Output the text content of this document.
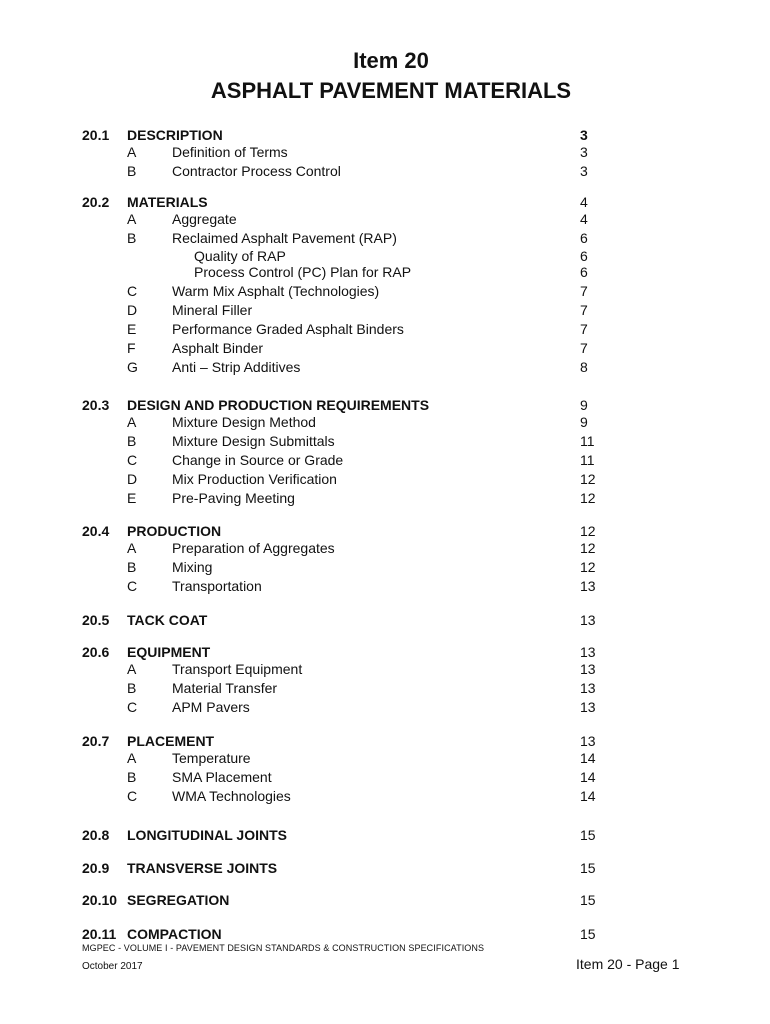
Item 20
ASPHALT PAVEMENT MATERIALS
20.1 DESCRIPTION	3
A	Definition of Terms	3
B	Contractor Process Control	3
20.2 MATERIALS	4
A	Aggregate	4
B	Reclaimed Asphalt Pavement (RAP)	6
Quality of RAP	6
Process Control (PC) Plan for RAP	6
C Warm Mix Asphalt (Technologies)	7
D Mineral Filler	7
E	Performance Graded Asphalt Binders	7
F	Asphalt Binder	7
G Anti – Strip Additives	8
20.3 DESIGN AND PRODUCTION REQUIREMENTS	9
A	Mixture Design Method	9
B	Mixture Design Submittals	11
C Change in Source or Grade	11
D Mix Production Verification	12
E	Pre-Paving Meeting	12
20.4 PRODUCTION	12
A	Preparation of Aggregates	12
B	Mixing	12
C Transportation	13
20.5 TACK COAT	13
20.6 EQUIPMENT	13
A	Transport Equipment	13
B	Material Transfer	13
C APM Pavers	13
20.7 PLACEMENT	13
A	Temperature	14
B	SMA Placement	14
C WMA Technologies	14
20.8 LONGITUDINAL JOINTS	15
20.9 TRANSVERSE JOINTS	15
20.10 SEGREGATION	15
20.11 COMPACTION	15
MGPEC - VOLUME I - PAVEMENT DESIGN STANDARDS & CONSTRUCTION SPECIFICATIONS
October 2017	Item 20 - Page 1
